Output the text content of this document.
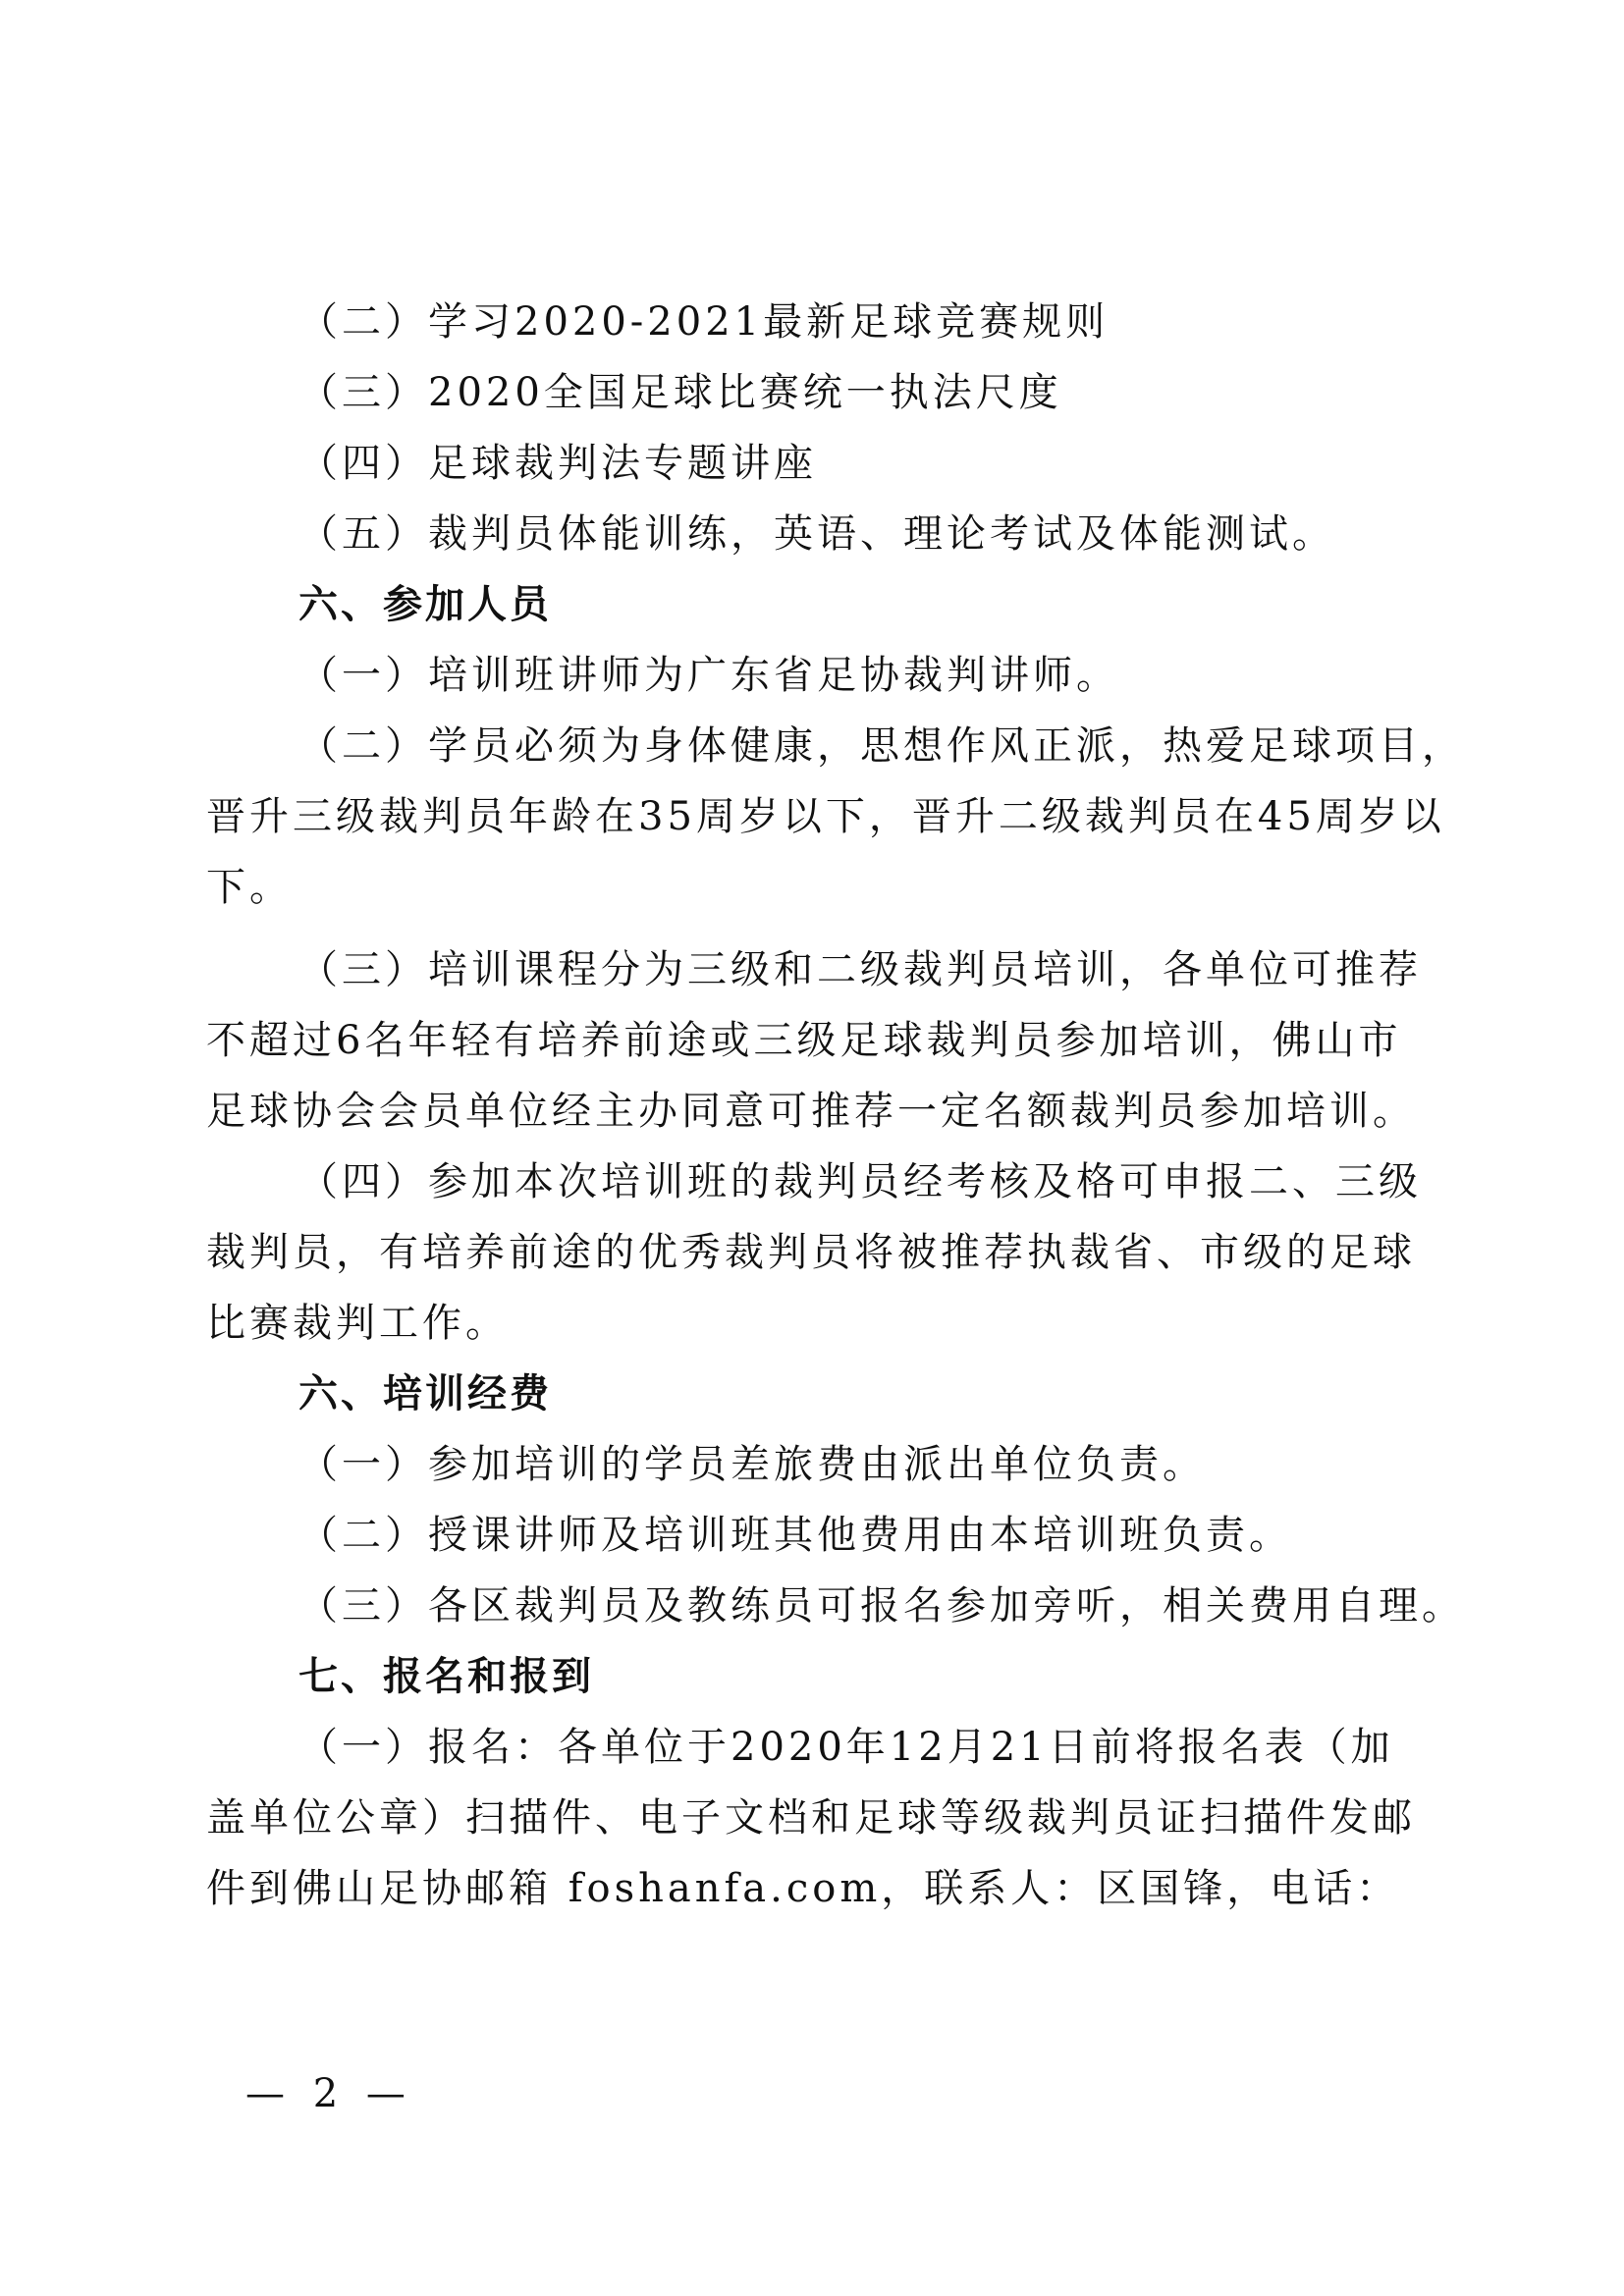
（二）学习2020-2021最新足球竞赛规则
（三）2020全国足球比赛统一执法尺度
（四）足球裁判法专题讲座
（五）裁判员体能训练，英语、理论考试及体能测试。
六、参加人员
（一）培训班讲师为广东省足协裁判讲师。
（二）学员必须为身体健康，思想作风正派，热爱足球项目，
晋升三级裁判员年龄在35周岁以下，晋升二级裁判员在45周岁以
下。
（三）培训课程分为三级和二级裁判员培训，各单位可推荐
不超过6名年轻有培养前途或三级足球裁判员参加培训，佛山市
足球协会会员单位经主办同意可推荐一定名额裁判员参加培训。
（四）参加本次培训班的裁判员经考核及格可申报二、三级
裁判员，有培养前途的优秀裁判员将被推荐执裁省、市级的足球
比赛裁判工作。
六、培训经费
（一）参加培训的学员差旅费由派出单位负责。
（二）授课讲师及培训班其他费用由本培训班负责。
（三）各区裁判员及教练员可报名参加旁听，相关费用自理。
七、报名和报到
（一）报名：各单位于2020年12月21日前将报名表（加
盖单位公章）扫描件、电子文档和足球等级裁判员证扫描件发邮
件到佛山足协邮箱 foshanfa.com，联系人：区国锋，电话：
— 2 —
